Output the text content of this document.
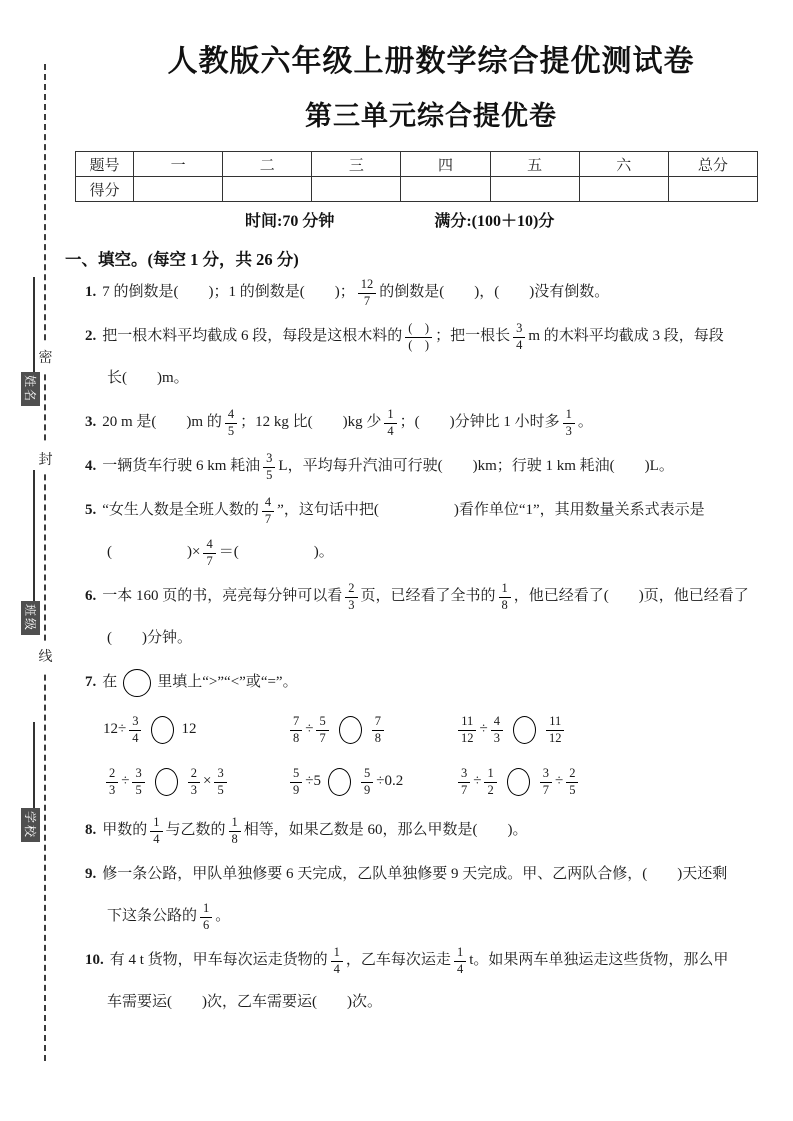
密
封
线
姓名
班级
学校
人教版六年级上册数学综合提优测试卷
第三单元综合提优卷
题号	一	二	三	四	五	六	总分
得分							
时间:70 分钟	满分:(100＋10)分
一、填空。(每空 1 分，共 26 分)
1. 7 的倒数是(　　)；1 的倒数是(　　)； $\frac{12}{7}$ 的倒数是(　　)，(　　)没有倒数。
2. 把一根木料平均截成 6 段，每段是这根木料的
(　)
(　)
；把一根长 $\frac{3}{4}$ m 的木料平均截成 3 段，每段
长(　　)m。
3. 20 m 是(　　)m 的 $\frac{4}{5}$ ；12 kg 比(　　)kg 少 $\frac{1}{4}$ ；(　　)分钟比 1 小时多 $\frac{1}{3}$ 。
4. 一辆货车行驶 6 km 耗油 $\frac{3}{5}$ L，平均每升汽油可行驶(　　)km；行驶 1 km 耗油(　　)L。
5. “女生人数是全班人数的 $\frac{4}{7}$ ”，这句话中把(　　　　　)看作单位“1”，其用数量关系式表示是
(　　　　　)× $\frac{4}{7}$ ＝(　　　　　)。
6. 一本 160 页的书，亮亮每分钟可以看 $\frac{2}{3}$ 页，已经看了全书的 $\frac{1}{8}$ ，他已经看了(　　)页，他已经看了
(　　)分钟。
7. 在	里填上“>”“<”或“=”。
$12\div \frac{3}{4}$	12	$\frac{7}{8} \div \frac{5}{7}$	$\frac{7}{8}$	$\frac{11}{12} \div \frac{4}{3}$	$\frac{11}{12}$
$\frac{2}{3} \div \frac{3}{5}$	$\frac{2}{3} \times \frac{3}{5}$	$\frac{5}{9} \div 5$	$\frac{5}{9} \div 0.2$	$\frac{3}{7} \div \frac{1}{2}$	$\frac{3}{7} \div \frac{2}{5}$
8. 甲数的 $\frac{1}{4}$ 与乙数的 $\frac{1}{8}$ 相等，如果乙数是 60，那么甲数是(　　)。
9. 修一条公路，甲队单独修要 6 天完成，乙队单独修要 9 天完成。甲、乙两队合修，(　　)天还剩
下这条公路的 $\frac{1}{6}$ 。
10. 有 4 t 货物，甲车每次运走货物的 $\frac{1}{4}$ ，乙车每次运走 $\frac{1}{4}$ t。如果两车单独运走这些货物，那么甲
车需要运(　　)次，乙车需要运(　　)次。
